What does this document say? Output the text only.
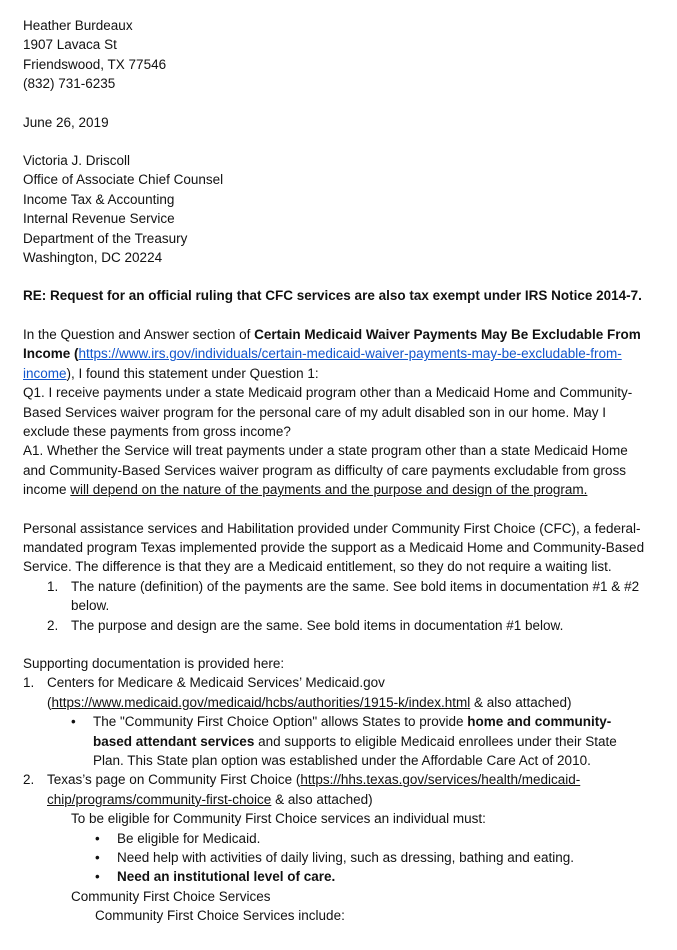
Heather Burdeaux

1907 Lavaca St

Friendswood, TX 77546

(832) 731-6235

June 26, 2019

Victoria J. Driscoll

Office of Associate Chief Counsel

Income Tax & Accounting

Internal Revenue Service

Department of the Treasury

Washington, DC 20224

RE: Request for an official ruling that CFC services are also tax exempt under IRS Notice 2014-7.

In the Question and Answer section of Certain Medicaid Waiver Payments May Be Excludable From Income (https://www.irs.gov/individuals/certain-medicaid-waiver-payments-may-be-excludable-from-income), I found this statement under Question 1:

Q1. I receive payments under a state Medicaid program other than a Medicaid Home and Community-Based Services waiver program for the personal care of my adult disabled son in our home. May I exclude these payments from gross income?

A1. Whether the Service will treat payments under a state program other than a state Medicaid Home and Community-Based Services waiver program as difficulty of care payments excludable from gross income will depend on the nature of the payments and the purpose and design of the program.

Personal assistance services and Habilitation provided under Community First Choice (CFC), a federal-mandated program Texas implemented provide the support as a Medicaid Home and Community-Based Service. The difference is that they are a Medicaid entitlement, so they do not require a waiting list.

1. The nature (definition) of the payments are the same. See bold items in documentation #1 & #2 below.
2. The purpose and design are the same. See bold items in documentation #1 below.

Supporting documentation is provided here:

1. Centers for Medicare & Medicaid Services’ Medicaid.gov

(https://www.medicaid.gov/medicaid/hcbs/authorities/1915-k/index.html & also attached)

•	The "Community First Choice Option" allows States to provide home and community-based attendant services and supports to eligible Medicaid enrollees under their State Plan. This State plan option was established under the Affordable Care Act of 2010.
2. Texas’s page on Community First Choice (https://hhs.texas.gov/services/health/medicaid-chip/programs/community-first-choice & also attached)

To be eligible for Community First Choice services an individual must:

•	Be eligible for Medicaid.
•	Need help with activities of daily living, such as dressing, bathing and eating.
•	Need an institutional level of care.

Community First Choice Services

Community First Choice Services include:
